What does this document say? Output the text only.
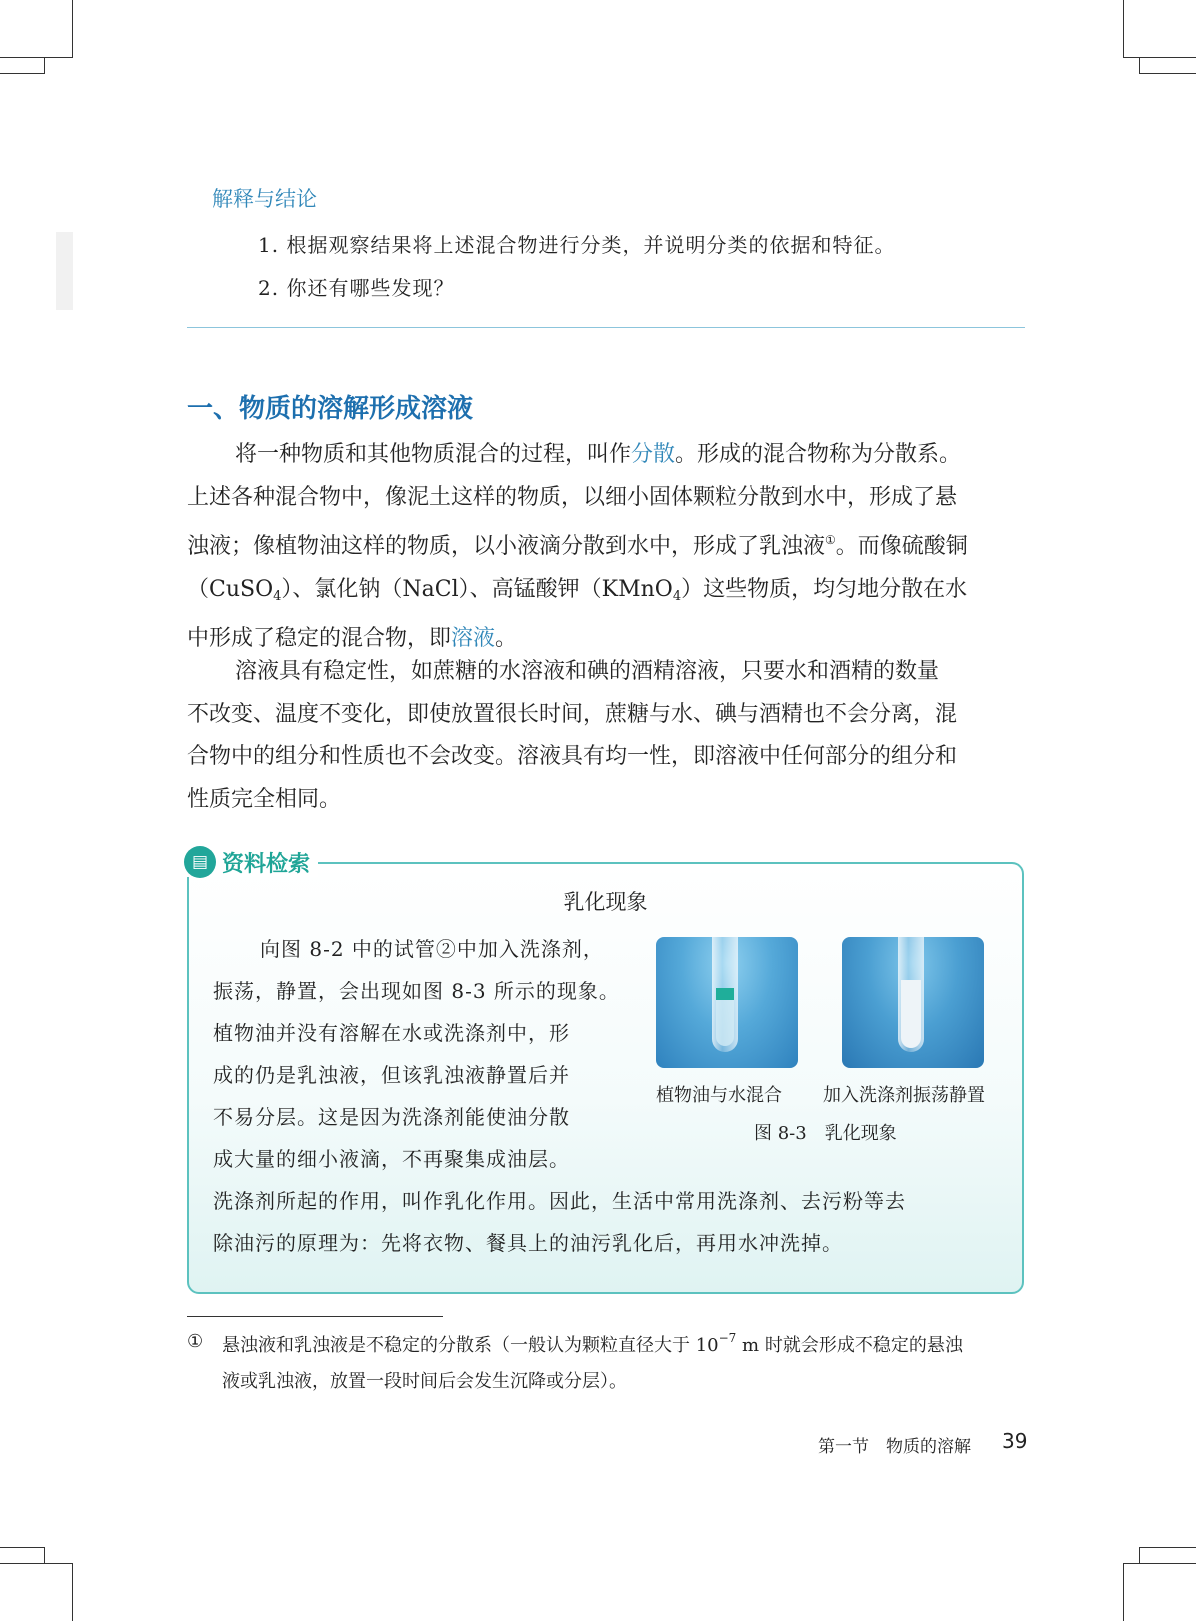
解释与结论
1. 根据观察结果将上述混合物进行分类，并说明分类的依据和特征。
2. 你还有哪些发现？
一、物质的溶解形成溶液
将一种物质和其他物质混合的过程，叫作分散。形成的混合物称为分散系。
上述各种混合物中，像泥土这样的物质，以细小固体颗粒分散到水中，形成了悬
浊液；像植物油这样的物质，以小液滴分散到水中，形成了乳浊液①。而像硫酸铜
（CuSO$_4$）、氯化钠（NaCl）、高锰酸钾（KMnO$_4$）这些物质，均匀地分散在水
中形成了稳定的混合物，即溶液。
溶液具有稳定性，如蔗糖的水溶液和碘的酒精溶液，只要水和酒精的数量
不改变、温度不变化，即使放置很长时间，蔗糖与水、碘与酒精也不会分离，混
合物中的组分和性质也不会改变。溶液具有均一性，即溶液中任何部分的组分和
性质完全相同。
▤ 资料检索
乳化现象
向图 8-2 中的试管②中加入洗涤剂，
振荡，静置，会出现如图 8-3 所示的现象。
植物油并没有溶解在水或洗涤剂中，形
成的仍是乳浊液，但该乳浊液静置后并
不易分层。这是因为洗涤剂能使油分散
成大量的细小液滴，不再聚集成油层。
洗涤剂所起的作用，叫作乳化作用。因此，生活中常用洗涤剂、去污粉等去
除油污的原理为：先将衣物、餐具上的油污乳化后，再用水冲洗掉。
植物油与水混合 加入洗涤剂振荡静置
图 8-3　乳化现象
① 悬浊液和乳浊液是不稳定的分散系（一般认为颗粒直径大于 $10^{-7}$ m 时就会形成不稳定的悬浊
液或乳浊液，放置一段时间后会发生沉降或分层）。
第一节　物质的溶解 39
